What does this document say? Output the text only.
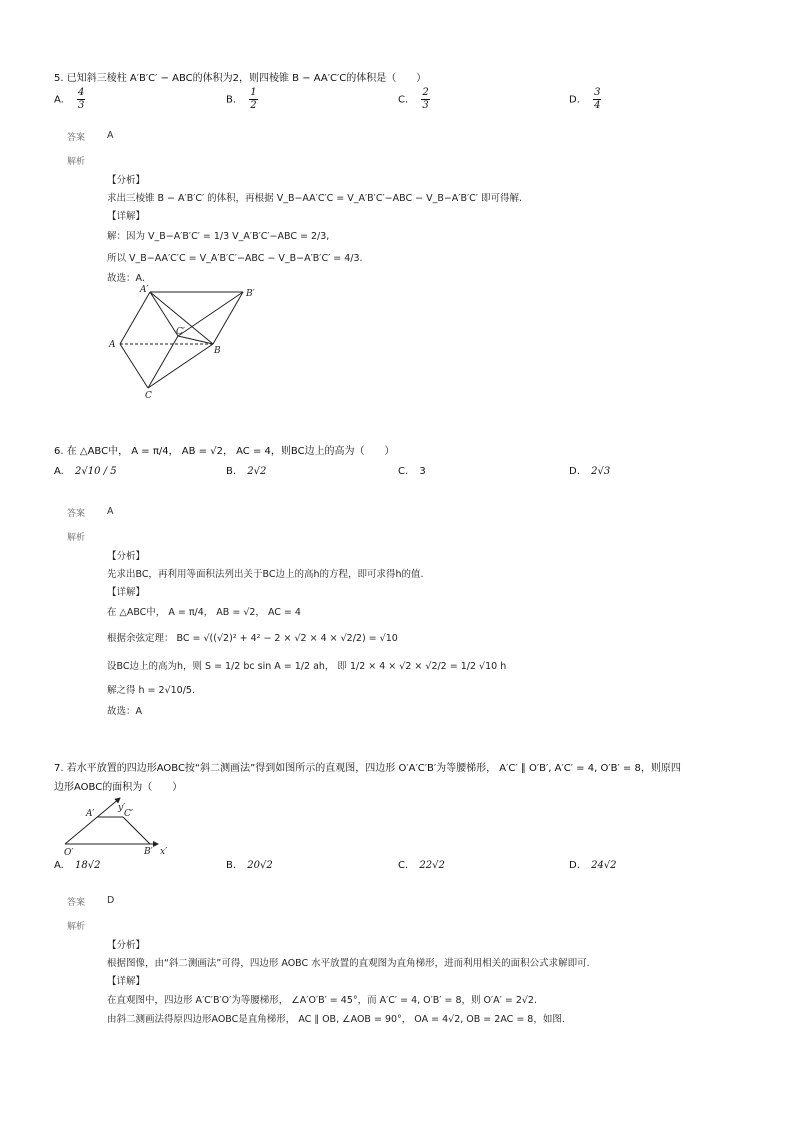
5. 已知斜三棱柱 A′B′C′ − ABC的体积为2，则四棱锥 B − AA′C′C的体积是（　　）
A. $\frac{4}{3}$	B. $\frac{1}{2}$	C. $\frac{2}{3}$	D. $\frac{3}{4}$
答案 A
解析
【分析】
求出三棱锥 B − A′B′C′ 的体积，再根据 V_B−AA′C′C = V_A′B′C′−ABC − V_B−A′B′C′ 即可得解.
【详解】
解：因为 V_B−A′B′C′ = 1/3 V_A′B′C′−ABC = 2/3,
所以 V_B−AA′C′C = V_A′B′C′−ABC − V_B−A′B′C′ = 4/3.
故选：A.
A′	B′
C′
A
B
C
6. 在 △ABC中， A = π/4， AB = √2， AC = 4，则BC边上的高为（　　）
A. 2√10 / 5	B. 2√2	C. 3	D. 2√3
答案 A
解析
【分析】
先求出BC，再利用等面积法列出关于BC边上的高h的方程，即可求得h的值.
【详解】
在 △ABC中， A = π/4， AB = √2， AC = 4
根据余弦定理： BC = √((√2)² + 4² − 2 × √2 × 4 × √2/2) = √10
设BC边上的高为h，则 S = 1/2 bc sin A = 1/2 ah， 即 1/2 × 4 × √2 × √2/2 = 1/2 √10 h
解之得 h = 2√10/5.
故选：A
7. 若水平放置的四边形AOBC按“斜二测画法”得到如图所示的直观图，四边形 O′A′C′B′为等腰梯形， A′C′ ∥ O′B′, A′C′ = 4, O′B′ = 8，则原四
边形AOBC的面积为（　　）
y′
A′	C′
O′	B′ x′
A. 18√2	B. 20√2	C. 22√2	D. 24√2
答案 D
解析
【分析】
根据图像，由“斜二测画法”可得，四边形 AOBC 水平放置的直观图为直角梯形，进而利用相关的面积公式求解即可.
【详解】
在直观图中，四边形 A′C′B′O′为等腰梯形， ∠A′O′B′ = 45°，而 A′C′ = 4, O′B′ = 8，则 O′A′ = 2√2.
由斜二测画法得原四边形AOBC是直角梯形， AC ∥ OB, ∠AOB = 90°， OA = 4√2, OB = 2AC = 8，如图.
